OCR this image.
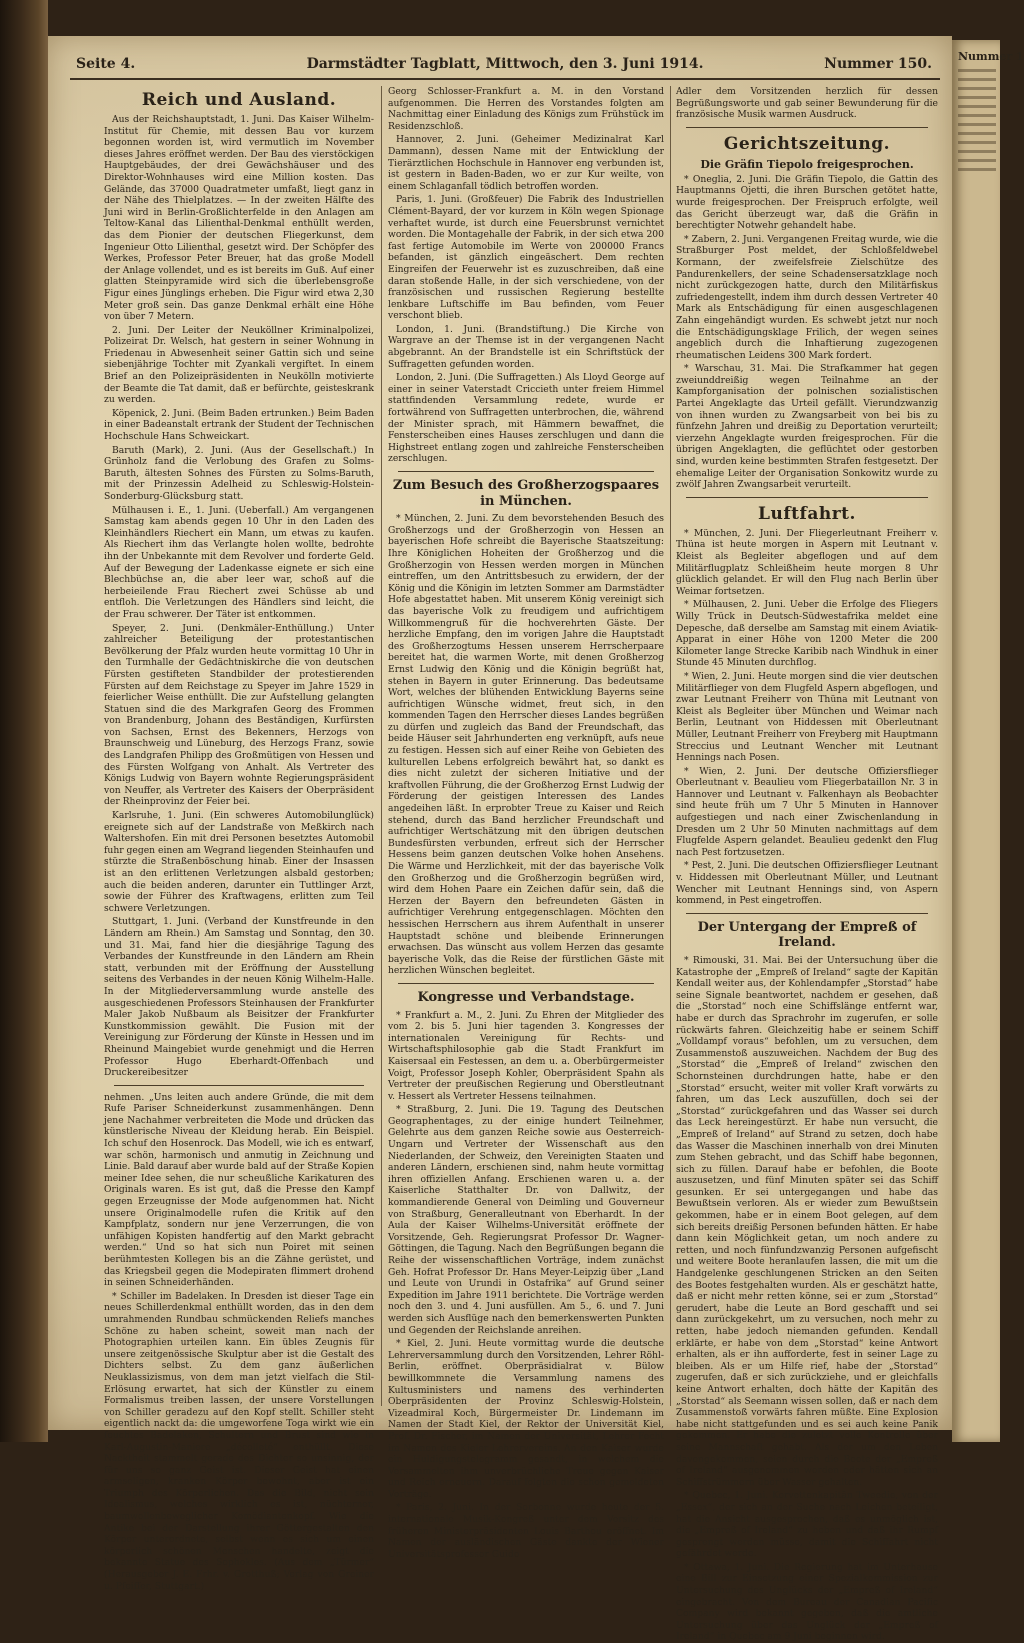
Nummer 1
Seite 4.	Darmstädter Tagblatt, Mittwoch, den 3. Juni 1914.	Nummer 150.
Reich und Ausland.

Aus der Reichshauptstadt, 1. Juni. Das Kaiser Wilhelm-Institut für Chemie, mit dessen Bau vor kurzem begonnen worden ist, wird vermutlich im November dieses Jahres eröffnet werden. Der Bau des vierstöckigen Hauptgebäudes, der drei Gewächshäuser und des Direktor-Wohnhauses wird eine Million kosten. Das Gelände, das 37000 Quadratmeter umfaßt, liegt ganz in der Nähe des Thielplatzes. — In der zweiten Hälfte des Juni wird in Berlin-Großlichterfelde in den Anlagen am Teltow-Kanal das Lilienthal-Denkmal enthüllt werden, das dem Pionier der deutschen Fliegerkunst, dem Ingenieur Otto Lilienthal, gesetzt wird. Der Schöpfer des Werkes, Professor Peter Breuer, hat das große Modell der Anlage vollendet, und es ist bereits im Guß. Auf einer glatten Steinpyramide wird sich die überlebensgroße Figur eines Jünglings erheben. Die Figur wird etwa 2,30 Meter groß sein. Das ganze Denkmal erhält eine Höhe von über 7 Metern.

2. Juni. Der Leiter der Neuköllner Kriminalpolizei, Polizeirat Dr. Welsch, hat gestern in seiner Wohnung in Friedenau in Abwesenheit seiner Gattin sich und seine siebenjährige Tochter mit Zyankali vergiftet. In einem Brief an den Polizeipräsidenten in Neukölln motivierte der Beamte die Tat damit, daß er befürchte, geisteskrank zu werden.

Köpenick, 2. Juni. (Beim Baden ertrunken.) Beim Baden in einer Badeanstalt ertrank der Student der Technischen Hochschule Hans Schweickart.

Baruth (Mark), 2. Juni. (Aus der Gesellschaft.) In Grünholz fand die Verlobung des Grafen zu Solms-Baruth, ältesten Sohnes des Fürsten zu Solms-Baruth, mit der Prinzessin Adelheid zu Schleswig-Holstein-Sonderburg-Glücksburg statt.

Mülhausen i. E., 1. Juni. (Ueberfall.) Am vergangenen Samstag kam abends gegen 10 Uhr in den Laden des Kleinhändlers Riechert ein Mann, um etwas zu kaufen. Als Riechert ihm das Verlangte holen wollte, bedrohte ihn der Unbekannte mit dem Revolver und forderte Geld. Auf der Bewegung der Ladenkasse eignete er sich eine Blechbüchse an, die aber leer war, schoß auf die herbeieilende Frau Riechert zwei Schüsse ab und entfloh. Die Verletzungen des Händlers sind leicht, die der Frau schwerer. Der Täter ist entkommen.

Speyer, 2. Juni. (Denkmäler-Enthüllung.) Unter zahlreicher Beteiligung der protestantischen Bevölkerung der Pfalz wurden heute vormittag 10 Uhr in den Turmhalle der Gedächtniskirche die von deutschen Fürsten gestifteten Standbilder der protestierenden Fürsten auf dem Reichstage zu Speyer im Jahre 1529 in feierlicher Weise enthüllt. Die zur Aufstellung gelangten Statuen sind die des Markgrafen Georg des Frommen von Brandenburg, Johann des Beständigen, Kurfürsten von Sachsen, Ernst des Bekenners, Herzogs von Braunschweig und Lüneburg, des Herzogs Franz, sowie des Landgrafen Philipp des Großmütigen von Hessen und des Fürsten Wolfgang von Anhalt. Als Vertreter des Königs Ludwig von Bayern wohnte Regierungspräsident von Neuffer, als Vertreter des Kaisers der Oberpräsident der Rheinprovinz der Feier bei.

Karlsruhe, 1. Juni. (Ein schweres Automobilunglück) ereignete sich auf der Landstraße von Meßkirch nach Waltershofen. Ein mit drei Personen besetztes Automobil fuhr gegen einen am Wegrand liegenden Steinhaufen und stürzte die Straßenböschung hinab. Einer der Insassen ist an den erlittenen Verletzungen alsbald gestorben; auch die beiden anderen, darunter ein Tuttlinger Arzt, sowie der Führer des Kraftwagens, erlitten zum Teil schwere Verletzungen.

Stuttgart, 1. Juni. (Verband der Kunstfreunde in den Ländern am Rhein.) Am Samstag und Sonntag, den 30. und 31. Mai, fand hier die diesjährige Tagung des Verbandes der Kunstfreunde in den Ländern am Rhein statt, verbunden mit der Eröffnung der Ausstellung seitens des Verbandes in der neuen König Wilhelm-Halle. In der Mitgliederversammlung wurde anstelle des ausgeschiedenen Professors Steinhausen der Frankfurter Maler Jakob Nußbaum als Beisitzer der Frankfurter Kunstkommission gewählt. Die Fusion mit der Vereinigung zur Förderung der Künste in Hessen und im Rheinund Maingebiet wurde genehmigt und die Herren Professor Hugo Eberhardt-Offenbach und Druckereibesitzer

nehmen. „Uns leiten auch andere Gründe, die mit dem Rufe Pariser Schneiderkunst zusammenhängen. Denn jene Nachahmer verbreiteten die Mode und drücken das künstlerische Niveau der Kleidung herab. Ein Beispiel. Ich schuf den Hosenrock. Das Modell, wie ich es entwarf, war schön, harmonisch und anmutig in Zeichnung und Linie. Bald darauf aber wurde bald auf der Straße Kopien meiner Idee sehen, die nur scheußliche Karikaturen des Originals waren. Es ist gut, daß die Presse den Kampf gegen Erzeugnisse der Mode aufgenommen hat. Nicht unsere Originalmodelle rufen die Kritik auf den Kampfplatz, sondern nur jene Verzerrungen, die von unfähigen Kopisten handfertig auf den Markt gebracht werden.“ Und so hat sich nun Poiret mit seinen berühmtesten Kollegen bis an die Zähne gerüstet, und das Kriegsbeil gegen die Modepiraten flimmert drohend in seinen Schneiderhänden.

* Schiller im Badelaken. In Dresden ist dieser Tage ein neues Schillerdenkmal enthüllt worden, das in den dem umrahmenden Rundbau schmückenden Reliefs manches Schöne zu haben scheint, soweit man nach der Photographien urteilen kann. Ein übles Zeugnis für unsere zeitgenössische Skulptur aber ist die Gestalt des Dichters selbst. Zu dem ganz äußerlichen Neuklassizismus, von dem man jetzt vielfach die Stil-Erlösung erwartet, hat sich der Künstler zu einem Formalismus treiben lassen, der unsere Vorstellungen von Schiller geradezu auf den Kopf stellt. Schiller steht eigentlich nackt da: die umgeworfene Toga wirkt wie ein feuchtes Badelaken, Schultern und Brust sind wie in Karl-Augustin-Maniere „décolleté“ enthüllt. Diese Nacktheit stammelt gerade des Dichter so unsinnig, der für uns so ganz Geist ist. Dieser Geist hat einen armseligen, kranken Körper bewohnt, aber ist ein Triumph des Körperlichen. Das die Bild, nicht sein Idealismus, welches wirklich es ist, nüchterner, baumwollenbeweglicher Komödiantenkopf. Wie die Antike bei der Darstellung ihrer Göttergestalten den Körper unterordnete, selbst wenn es sich um einen körperlich schönen Menschen handelte, zeigt die bekannte Statue des Sophokles. (Aus dem „Türmer“ (Herausgeber J. E. Frhr. v. Grotthuß; Verlag von Greiner u. Pfeiffer, Stuttgart.)

Georg Schlosser-Frankfurt a. M. in den Vorstand aufgenommen. Die Herren des Vorstandes folgten am Nachmittag einer Einladung des Königs zum Frühstück im Residenzschloß.

Hannover, 2. Juni. (Geheimer Medizinalrat Karl Dammann), dessen Name mit der Entwicklung der Tierärztlichen Hochschule in Hannover eng verbunden ist, ist gestern in Baden-Baden, wo er zur Kur weilte, von einem Schlaganfall tödlich betroffen worden.

Paris, 1. Juni. (Großfeuer) Die Fabrik des Industriellen Clément-Bayard, der vor kurzem in Köln wegen Spionage verhaftet wurde, ist durch eine Feuersbrunst vernichtet worden. Die Montagehalle der Fabrik, in der sich etwa 200 fast fertige Automobile im Werte von 200000 Francs befanden, ist gänzlich eingeäschert. Dem rechten Eingreifen der Feuerwehr ist es zuzuschreiben, daß eine daran stoßende Halle, in der sich verschiedene, von der französischen und russischen Regierung bestellte lenkbare Luftschiffe im Bau befinden, vom Feuer verschont blieb.

London, 1. Juni. (Brandstiftung.) Die Kirche von Wargrave an der Themse ist in der vergangenen Nacht abgebrannt. An der Brandstelle ist ein Schriftstück der Suffragetten gefunden worden.

London, 2. Juni. (Die Suffragetten.) Als Lloyd George auf einer in seiner Vaterstadt Criccieth unter freiem Himmel stattfindenden Versammlung redete, wurde er fortwährend von Suffragetten unterbrochen, die, während der Minister sprach, mit Hämmern bewaffnet, die Fensterscheiben eines Hauses zerschlugen und dann die Highstreet entlang zogen und zahlreiche Fensterscheiben zerschlugen.

Zum Besuch des Großherzogspaares in München.

* München, 2. Juni. Zu dem bevorstehenden Besuch des Großherzogs und der Großherzogin von Hessen an bayerischen Hofe schreibt die Bayerische Staatszeitung: Ihre Königlichen Hoheiten der Großherzog und die Großherzogin von Hessen werden morgen in München eintreffen, um den Antrittsbesuch zu erwidern, der der König und die Königin im letzten Sommer am Darmstädter Hofe abgestattet haben. Mit unserem König vereinigt sich das bayerische Volk zu freudigem und aufrichtigem Willkommengruß für die hochverehrten Gäste. Der herzliche Empfang, den im vorigen Jahre die Hauptstadt des Großherzogtums Hessen unserem Herrscherpaare bereitet hat, die warmen Worte, mit denen Großherzog Ernst Ludwig den König und die Königin begrüßt hat, stehen in Bayern in guter Erinnerung. Das bedeutsame Wort, welches der blühenden Entwicklung Bayerns seine aufrichtigen Wünsche widmet, freut sich, in den kommenden Tagen den Herrscher dieses Landes begrüßen zu dürfen und zugleich das Band der Freundschaft, das beide Häuser seit Jahrhunderten eng verknüpft, aufs neue zu festigen. Hessen sich auf einer Reihe von Gebieten des kulturellen Lebens erfolgreich bewährt hat, so dankt es dies nicht zuletzt der sicheren Initiative und der kraftvollen Führung, die der Großherzog Ernst Ludwig der Förderung der geistigen Interessen des Landes angedeihen läßt. In erprobter Treue zu Kaiser und Reich stehend, durch das Band herzlicher Freundschaft und aufrichtiger Wertschätzung mit den übrigen deutschen Bundesfürsten verbunden, erfreut sich der Herrscher Hessens beim ganzen deutschen Volke hohen Ansehens. Die Wärme und Herzlichkeit, mit der das bayerische Volk den Großherzog und die Großherzogin begrüßen wird, wird dem Hohen Paare ein Zeichen dafür sein, daß die Herzen der Bayern den befreundeten Gästen in aufrichtiger Verehrung entgegenschlagen. Möchten den hessischen Herrschern aus ihrem Aufenthalt in unserer Hauptstadt schöne und bleibende Erinnerungen erwachsen. Das wünscht aus vollem Herzen das gesamte bayerische Volk, das die Reise der fürstlichen Gäste mit herzlichen Wünschen begleitet.

Kongresse und Verbandstage.

* Frankfurt a. M., 2. Juni. Zu Ehren der Mitglieder des vom 2. bis 5. Juni hier tagenden 3. Kongresses der internationalen Vereinigung für Rechts- und Wirtschaftsphilosophie gab die Stadt Frankfurt im Kaisersaal ein Festessen, an dem u. a. Oberbürgermeister Voigt, Professor Joseph Kohler, Oberpräsident Spahn als Vertreter der preußischen Regierung und Oberstleutnant v. Hessert als Vertreter Hessens teilnahmen.

* Straßburg, 2. Juni. Die 19. Tagung des Deutschen Geographentages, zu der einige hundert Teilnehmer, Gelehrte aus dem ganzen Reiche sowie aus Oesterreich-Ungarn und Vertreter der Wissenschaft aus den Niederlanden, der Schweiz, den Vereinigten Staaten und anderen Ländern, erschienen sind, nahm heute vormittag ihren offiziellen Anfang. Erschienen waren u. a. der Kaiserliche Statthalter Dr. von Dallwitz, der kommandierende General von Deimling und Gouverneur von Straßburg, Generalleutnant von Eberhardt. In der Aula der Kaiser Wilhelms-Universität eröffnete der Vorsitzende, Geh. Regierungsrat Professor Dr. Wagner-Göttingen, die Tagung. Nach den Begrüßungen begann die Reihe der wissenschaftlichen Vorträge, indem zunächst Geh. Hofrat Professor Dr. Hans Meyer-Leipzig über „Land und Leute von Urundi in Ostafrika“ auf Grund seiner Expedition im Jahre 1911 berichtete. Die Vorträge werden noch den 3. und 4. Juni ausfüllen. Am 5., 6. und 7. Juni werden sich Ausflüge nach den bemerkenswerten Punkten und Gegenden der Reichslande anreihen.

* Kiel, 2. Juni. Heute vormittag wurde die deutsche Lehrerversammlung durch den Vorsitzenden, Lehrer Röhl-Berlin, eröffnet. Oberpräsidialrat v. Bülow bewillkommnete die Versammlung namens des Kultusministers und namens des verhinderten Oberpräsidenten der Provinz Schleswig-Holstein, Vizeadmiral Koch, Bürgermeister Dr. Lindemann im Namen der Stadt Kiel, der Rektor der Universität Kiel, Prof. Dr. Fischer, im Namen der Universität, Lehrer Fecht im Namen des Kieler Lehrervereins. An den Kaiser wurde ein Huldigungstelegramm gesandt, in welchem die Versammelten ihm unverbrüchliche Treue gegen Kaiser und Reich erneuern. Darauf folgten die schon gemeldeten Vorträge.

* Paris, 2. Juni. In der Sorbonne wurde heute der 5. internationale Musik-Kongreß unter dem Vorsitz des früheren Ministerpräsidenten Louis Barthou eröffnet. Im Namen der ausländischen Gäste dankte der Wiener Universitätsprofessor Guido

Adler dem Vorsitzenden herzlich für dessen Begrüßungsworte und gab seiner Bewunderung für die französische Musik warmen Ausdruck.

Gerichtszeitung.
Die Gräfin Tiepolo freigesprochen.

* Oneglia, 2. Juni. Die Gräfin Tiepolo, die Gattin des Hauptmanns Ojetti, die ihren Burschen getötet hatte, wurde freigesprochen. Der Freispruch erfolgte, weil das Gericht überzeugt war, daß die Gräfin in berechtigter Notwehr gehandelt habe.

* Zabern, 2. Juni. Vergangenen Freitag wurde, wie die Straßburger Post meldet, der Schloßfeldwebel Kormann, der zweifelsfreie Zielschütze des Pandurenkellers, der seine Schadensersatzklage noch nicht zurückgezogen hatte, durch den Militärfiskus zufriedengestellt, indem ihm durch dessen Vertreter 40 Mark als Entschädigung für einen ausgeschlagenen Zahn eingehändigt wurden. Es schwebt jetzt nur noch die Entschädigungsklage Frilich, der wegen seines angeblich durch die Inhaftierung zugezogenen rheumatischen Leidens 300 Mark fordert.

* Warschau, 31. Mai. Die Strafkammer hat gegen zweiunddreißig wegen Teilnahme an der Kampforganisation der polnischen sozialistischen Partei Angeklagte das Urteil gefällt. Vierundzwanzig von ihnen wurden zu Zwangsarbeit von bei bis zu fünfzehn Jahren und dreißig zu Deportation verurteilt; vierzehn Angeklagte wurden freigesprochen. Für die übrigen Angeklagten, die geflüchtet oder gestorben sind, wurden keine bestimmten Strafen festgesetzt. Der ehemalige Leiter der Organisation Sonkowitz wurde zu zwölf Jahren Zwangsarbeit verurteilt.

Luftfahrt.

* München, 2. Juni. Der Fliegerleutnant Freiherr v. Thüna ist heute morgen in Aspern mit Leutnant v. Kleist als Begleiter abgeflogen und auf dem Militärflugplatz Schleißheim heute morgen 8 Uhr glücklich gelandet. Er will den Flug nach Berlin über Weimar fortsetzen.

* Mülhausen, 2. Juni. Ueber die Erfolge des Fliegers Willy Trück in Deutsch-Südwestafrika meldet eine Depesche, daß derselbe am Samstag mit einem Aviatik-Apparat in einer Höhe von 1200 Meter die 200 Kilometer lange Strecke Karibib nach Windhuk in einer Stunde 45 Minuten durchflog.

* Wien, 2. Juni. Heute morgen sind die vier deutschen Militärflieger von dem Flugfeld Aspern abgeflogen, und zwar Leutnant Freiherr von Thüna mit Leutnant von Kleist als Begleiter über München und Weimar nach Berlin, Leutnant von Hiddessen mit Oberleutnant Müller, Leutnant Freiherr von Freyberg mit Hauptmann Streccius und Leutnant Wencher mit Leutnant Hennings nach Posen.

* Wien, 2. Juni. Der deutsche Offiziersflieger Oberleutnant v. Beaulieu vom Fliegerbataillon Nr. 3 in Hannover und Leutnant v. Falkenhayn als Beobachter sind heute früh um 7 Uhr 5 Minuten in Hannover aufgestiegen und nach einer Zwischenlandung in Dresden um 2 Uhr 50 Minuten nachmittags auf dem Flugfelde Aspern gelandet. Beaulieu gedenkt den Flug nach Pest fortzusetzen.

* Pest, 2. Juni. Die deutschen Offiziersflieger Leutnant v. Hiddessen mit Oberleutnant Müller, und Leutnant Wencher mit Leutnant Hennings sind, von Aspern kommend, in Pest eingetroffen.

Der Untergang der Empreß of Ireland.

* Rimouski, 31. Mai. Bei der Untersuchung über die Katastrophe der „Empreß of Ireland“ sagte der Kapitän Kendall weiter aus, der Kohlendampfer „Storstad“ habe seine Signale beantwortet, nachdem er gesehen, daß die „Storstad“ noch eine Schiffslänge entfernt war, habe er durch das Sprachrohr im zugerufen, er solle rückwärts fahren. Gleichzeitig habe er seinem Schiff „Volldampf voraus“ befohlen, um zu versuchen, dem Zusammenstoß auszuweichen. Nachdem der Bug des „Storstad“ die „Empreß of Ireland“ zwischen den Schornsteinen durchdrungen hatte, habe er den „Storstad“ ersucht, weiter mit voller Kraft vorwärts zu fahren, um das Leck auszufüllen, doch sei der „Storstad“ zurückgefahren und das Wasser sei durch das Leck hereingestürzt. Er habe nun versucht, die „Empreß of Ireland“ auf Strand zu setzen, doch habe das Wasser die Maschinen innerhalb von drei Minuten zum Stehen gebracht, und das Schiff habe begonnen, sich zu füllen. Darauf habe er befohlen, die Boote auszusetzen, und fünf Minuten später sei das Schiff gesunken. Er sei untergegangen und habe das Bewußtsein verloren. Als er wieder zum Bewußtsein gekommen, habe er in einem Boot gelegen, auf dem sich bereits dreißig Personen befunden hätten. Er habe dann kein Möglichkeit getan, um noch andere zu retten, und noch fünfundzwanzig Personen aufgefischt und weitere Boote heranlaufen lassen, die mit um die Handgelenke geschlungenen Stricken an den Seiten des Bootes festgehalten wurden. Als er geschätzt hatte, daß er nicht mehr retten könne, sei er zum „Storstad“ gerudert, habe die Leute an Bord geschafft und sei dann zurückgekehrt, um zu versuchen, noch mehr zu retten, habe jedoch niemanden gefunden. Kendall erklärte, er habe von dem „Storstad“ keine Antwort erhalten, als er ihn aufforderte, fest in seiner Lage zu bleiben. Als er um Hilfe rief, habe der „Storstad“ zugerufen, daß er sich zurückziehe, und er gleichfalls keine Antwort erhalten, doch hätte der Kapitän des „Storstad“ als Seemann wissen sollen, daß er nach dem Zusammenstoß vorwärts fahren müßte. Eine Explosion habe nicht stattgefunden und es sei auch keine Panik gekommen. Er habe die zuletzt volle Kontrolle über seine Mannschaft gehabt. Als der um den Leben davongekommen, seien durch die Boote der „Empreß of Ireland“ ausgenommen worden oder hätten sich an Schiffstrümmern über Wasser gehalten.

* Quebec, 1. Juni. Korvettenkapitän Tweedie, von der „Essex“, der sich an der Suche nach Leichen beteiligt, hat die Ansicht ausgesprochen, daß es unmöglich ist, die „Empreß of Ireland“ zu heben und daß ihr Rumpf gesprengt werden müsse, damit die Schiffahrt nicht gefährdet werde.

* Ottawa, 1. Juni. Die Regierung hat im Unterhause eine Bill zur Einsetzung einer Spezialkommission zur Untersuchung des Unglücks der „Empreß of Ireland“ eingebracht. Von dem Bureau der Canadian Pacific Company wird bekannt gegeben, daß die amtliche Untersuchung über das Unglück der „Empreß of Ireland“ in Quebec am 9 Juni beginnen wird.
